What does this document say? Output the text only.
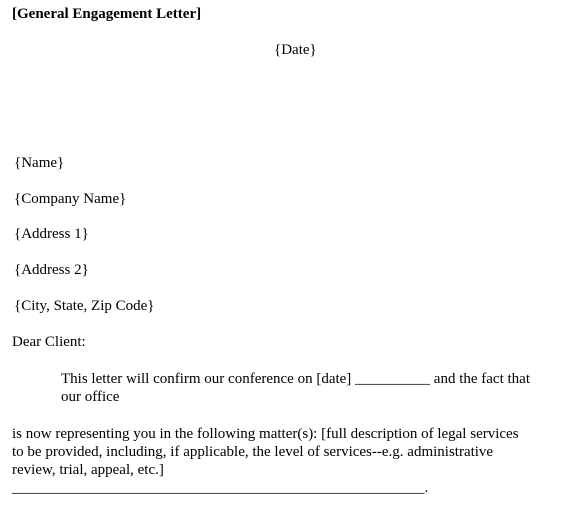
[General Engagement Letter]
{Date}
{Name}
{Company Name}
{Address 1}
{Address 2}
{City, State, Zip Code}
Dear Client:
This letter will confirm our conference on [date] __________ and the fact that
our office
is now representing you in the following matter(s): [full description of legal services
to be provided, including, if applicable, the level of services--e.g. administrative
review, trial, appeal, etc.]
_______________________________________________________.
